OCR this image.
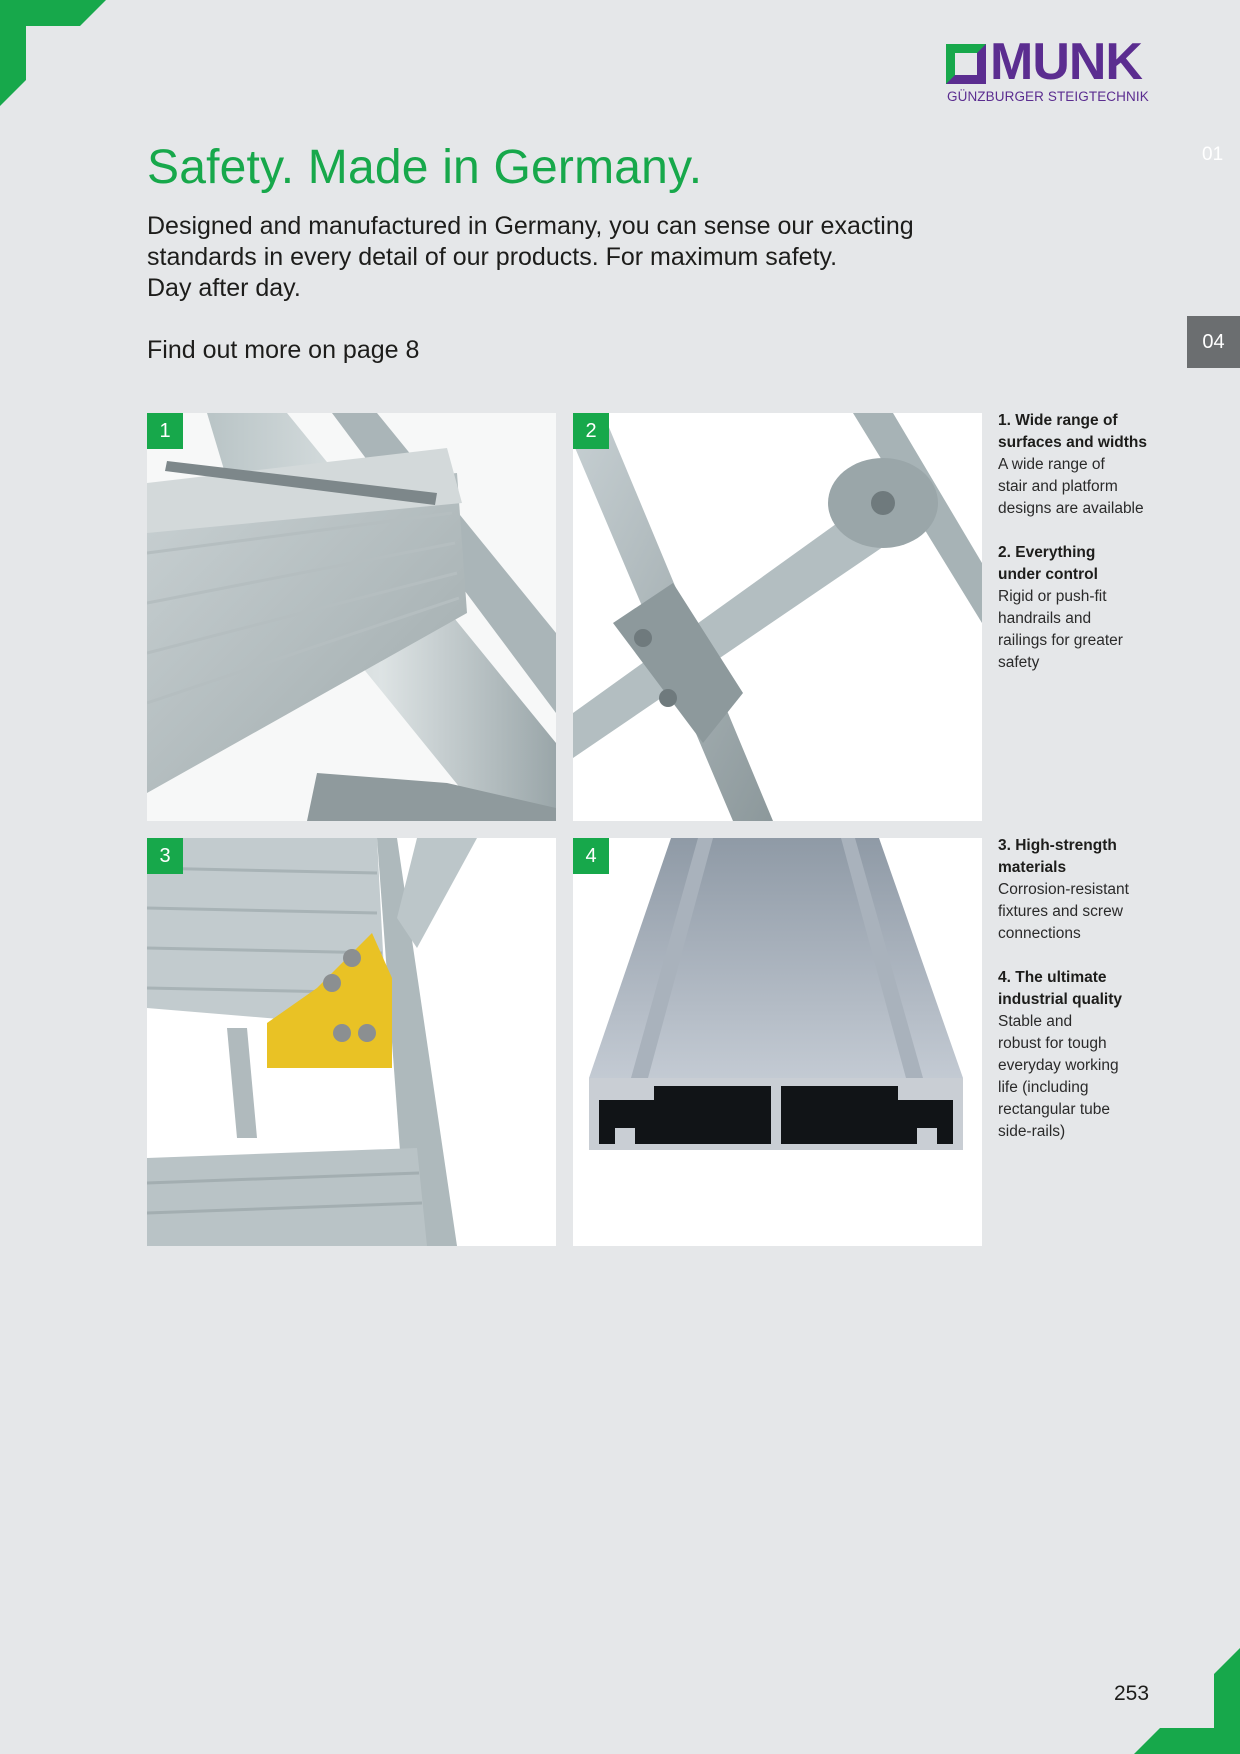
MUNK
GÜNZBURGER STEIGTECHNIK
01
04
Safety. Made in Germany.

Designed and manufactured in Germany, you can sense our exacting

standards in every detail of our products. For maximum safety.

Day after day.

Find out more on page 8
1	2
3	4
1. Wide range of
surfaces and widths
A wide range of
stair and platform
designs are available
2. Everything
under control
Rigid or push-fit
handrails and
railings for greater
safety
3. High-strength
materials
Corrosion-resistant
fixtures and screw
connections
4. The ultimate
industrial quality
Stable and
robust for tough
everyday working
life (including
rectangular tube
side-rails)
253
